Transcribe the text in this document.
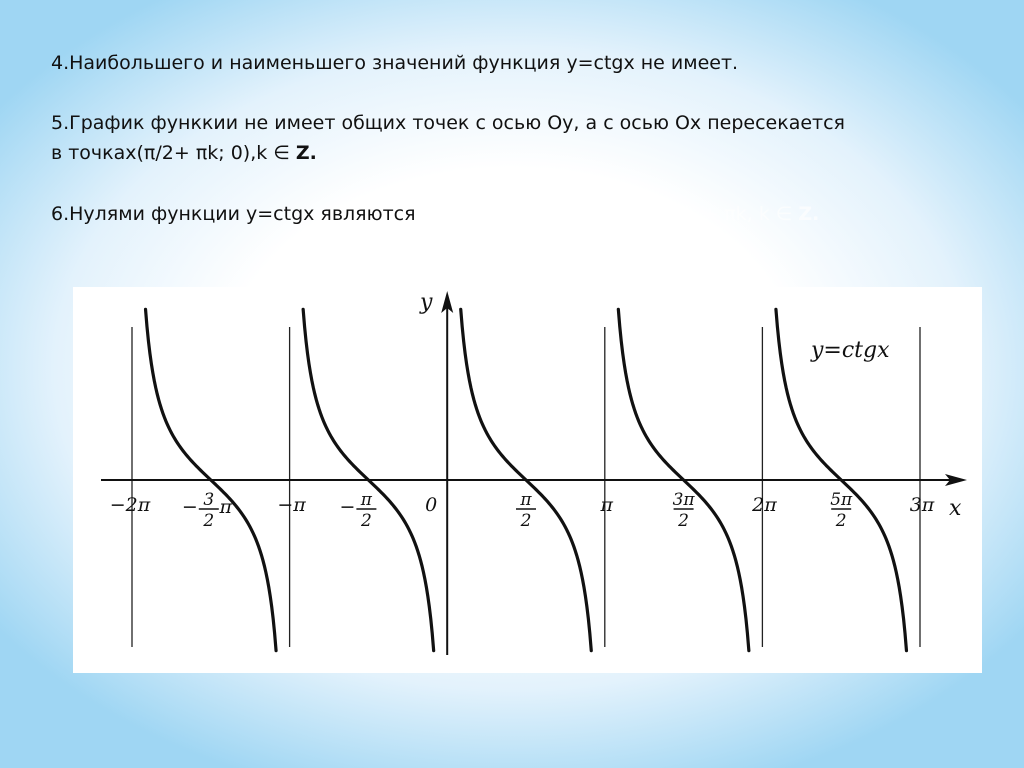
4.Наибольшего и наименьшего значений функция y=ctgx не имеет.
5.График функкии не имеет общих точек с осью Оу, а с осью Ох пересекается
в точках(π/2+ πk; 0),k ∈ Z.
6.Нулями функции y=ctgx являются значения аргумента x= π/2 + πk, k ∈ Z.
−2π	−π	0	π	2π	3π
− 3
2
π	− π
2
π
2
3π
2
5π
2
y=ctgx
y
x
